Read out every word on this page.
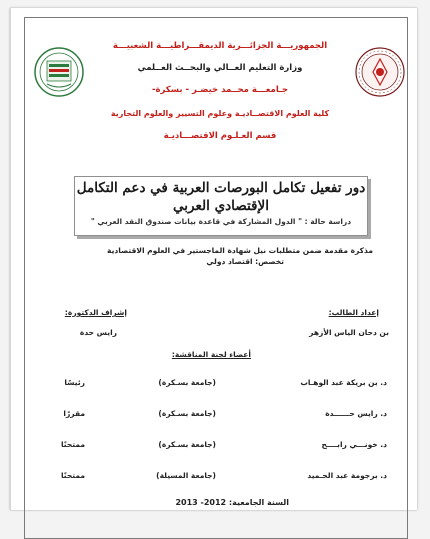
الجمهوريـــة الجزائـــرية الديمقـــراطيـــة الشعبيـــة
وزارة التعليم العــالي والبحــث العــلمي
جـامعـــة محــمد خيضـر - بسكرة-
كلية العلوم الاقتصــاديـة وعلوم التسيير والعلوم التجارية
قسم العـلـوم الاقتصـــاديـة
دور تفعيل تكامل البورصات العربية في دعم التكامل
الإقتصادي العربي
دراسة حالة : " الدول المشاركة في قاعدة بيانات صندوق النقد العربي "
مذكرة مقدمة ضمن متطلبات نيل شهادة الماجستير في العلوم الاقتصادية
تخصص: اقتصاد دولي
إعداد الطالب:
إشراف الدكتورة:
بن دحان الياس الأزهر
رايس حدة
أعضاء لجنة المناقشة:
د. بن بريكة عبد الوهـاب
(جامعة بسـكرة)
رئيسًا
د. رايس حــــــدة
(جامعة بسـكرة)
مقررًا
د. خونـــي رابــــح
(جامعة بسـكرة)
ممتحنًا
د. برجومة عبد الحـميد
(جامعة المسيلة)
ممتحنًا
السنة الجامعية: 2012- 2013
